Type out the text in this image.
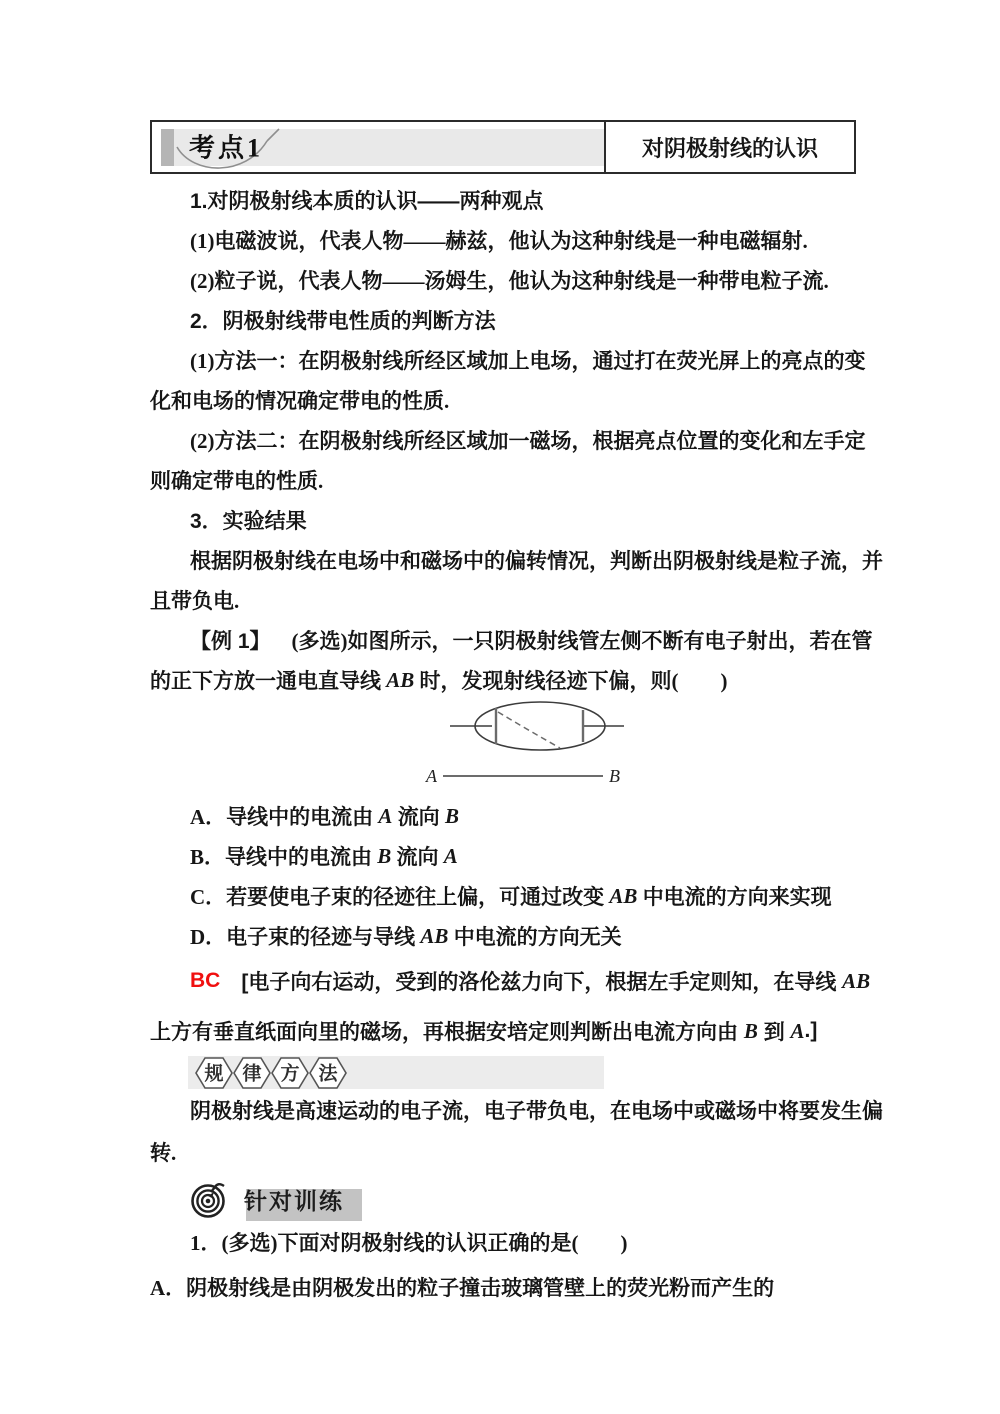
考点1	对阴极射线的认识
1.对阴极射线本质的认识——两种观点
(1)电磁波说，代表人物——赫兹，他认为这种射线是一种电磁辐射.
(2)粒子说，代表人物——汤姆生，他认为这种射线是一种带电粒子流.
2．阴极射线带电性质的判断方法
(1)方法一：在阴极射线所经区域加上电场，通过打在荧光屏上的亮点的变
化和电场的情况确定带电的性质.
(2)方法二：在阴极射线所经区域加一磁场，根据亮点位置的变化和左手定
则确定带电的性质.
3．实验结果
根据阴极射线在电场中和磁场中的偏转情况，判断出阴极射线是粒子流，并
且带负电.
【例 1】 　(多选)如图所示，一只阴极射线管左侧不断有电子射出，若在管
的正下方放一通电直导线 AB 时，发现射线径迹下偏，则(　　)
A	B
A．导线中的电流由 A 流向 B
B．导线中的电流由 B 流向 A
C．若要使电子束的径迹往上偏，可通过改变 AB 中电流的方向来实现
D．电子束的径迹与导线 AB 中电流的方向无关
BC 　[电子向右运动，受到的洛伦兹力向下，根据左手定则知，在导线 AB
上方有垂直纸面向里的磁场，再根据安培定则判断出电流方向由 B 到 A .]
规 律 方 法
阴极射线是高速运动的电子流，电子带负电，在电场中或磁场中将要发生偏
转.
针对训练
1．(多选)下面对阴极射线的认识正确的是(　　)
A．阴极射线是由阴极发出的粒子撞击玻璃管壁上的荧光粉而产生的
